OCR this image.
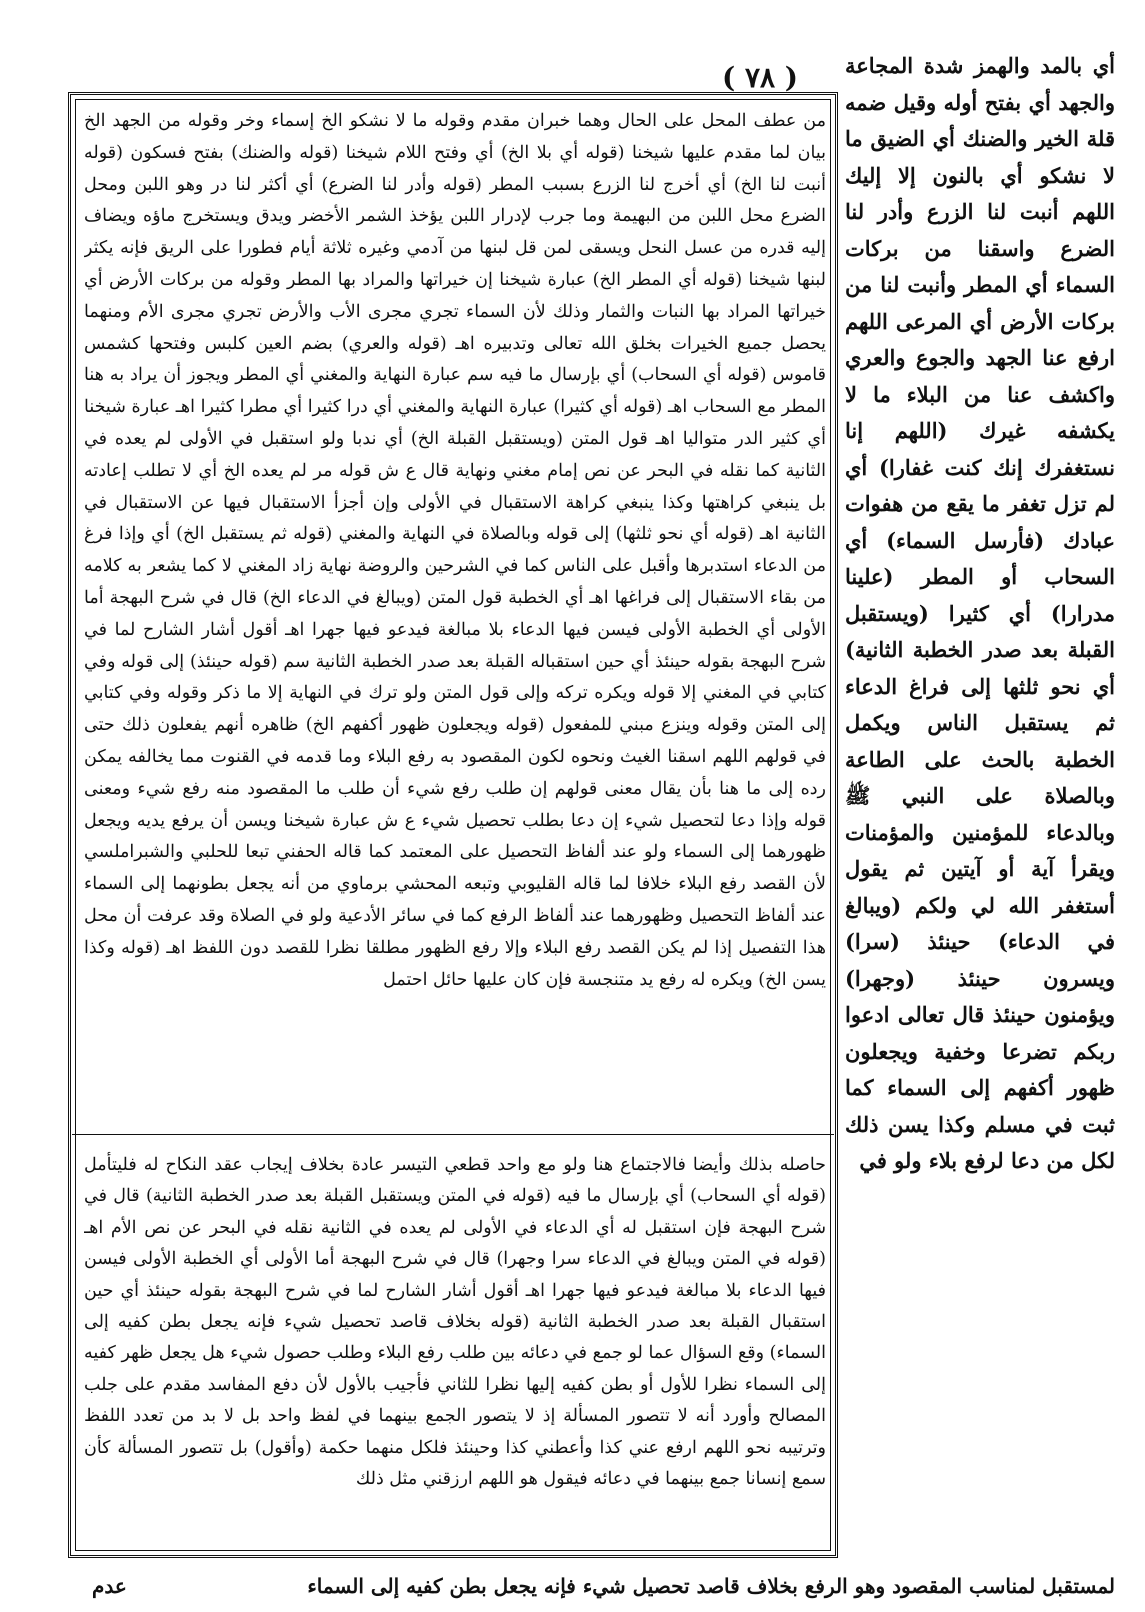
( ٧٨ )	أي بالمد والهمز شدة المجاعة والجهد أي بفتح أوله وقيل ضمه قلة الخير والضنك أي الضيق ما لا نشكو أي بالنون إلا إليك اللهم أنبت لنا الزرع وأدر لنا الضرع واسقنا من بركات السماء أي المطر وأنبت لنا من بركات الأرض أي المرعى اللهم ارفع عنا الجهد والجوع والعري واكشف عنا من البلاء ما لا يكشفه غيرك (اللهم إنا نستغفرك إنك كنت غفارا) أي لم تزل تغفر ما يقع من هفوات عبادك (فأرسل السماء) أي السحاب أو المطر (علينا مدرارا) أي كثيرا (ويستقبل القبلة بعد صدر الخطبة الثانية) أي نحو ثلثها إلى فراغ الدعاء ثم يستقبل الناس ويكمل الخطبة بالحث على الطاعة وبالصلاة على النبي ﷺ وبالدعاء للمؤمنين والمؤمنات ويقرأ آية أو آيتين ثم يقول أستغفر الله لي ولكم (ويبالغ في الدعاء) حينئذ (سرا) ويسرون حينئذ (وجهرا) ويؤمنون حينئذ قال تعالى ادعوا ربكم تضرعا وخفية ويجعلون ظهور أكفهم إلى السماء كما ثبت في مسلم وكذا يسن ذلك لكل من دعا لرفع بلاء ولو في

من عطف المحل على الحال وهما خبران مقدم وقوله ما لا نشكو الخ إسماء وخر وقوله من الجهد الخ بيان لما مقدم عليها شيخنا (قوله أي بلا الخ) أي وفتح اللام شيخنا (قوله والضنك) بفتح فسكون (قوله أنبت لنا الخ) أي أخرج لنا الزرع بسبب المطر (قوله وأدر لنا الضرع) أي أكثر لنا در وهو اللبن ومحل الضرع محل اللبن من البهيمة وما جرب لإدرار اللبن يؤخذ الشمر الأخضر ويدق ويستخرج ماؤه ويضاف إليه قدره من عسل النحل ويسقى لمن قل لبنها من آدمي وغيره ثلاثة أيام فطورا على الريق فإنه يكثر لبنها شيخنا (قوله أي المطر الخ) عبارة شيخنا إن خيراتها والمراد بها المطر وقوله من بركات الأرض أي خيراتها المراد بها النبات والثمار وذلك لأن السماء تجري مجرى الأب والأرض تجري مجرى الأم ومنهما يحصل جميع الخيرات بخلق الله تعالى وتدبيره اهـ (قوله والعري) بضم العين كلبس وفتحها كشمس قاموس (قوله أي السحاب) أي بإرسال ما فيه سم عبارة النهاية والمغني أي المطر ويجوز أن يراد به هنا المطر مع السحاب اهـ (قوله أي كثيرا) عبارة النهاية والمغني أي درا كثيرا أي مطرا كثيرا اهـ عبارة شيخنا أي كثير الدر متواليا اهـ قول المتن (ويستقبل القبلة الخ) أي ندبا ولو استقبل في الأولى لم يعده في الثانية كما نقله في البحر عن نص إمام مغني ونهاية قال ع ش قوله مر لم يعده الخ أي لا تطلب إعادته بل ينبغي كراهتها وكذا ينبغي كراهة الاستقبال في الأولى وإن أجزأ الاستقبال فيها عن الاستقبال في الثانية اهـ (قوله أي نحو ثلثها) إلى قوله وبالصلاة في النهاية والمغني (قوله ثم يستقبل الخ) أي وإذا فرغ من الدعاء استدبرها وأقبل على الناس كما في الشرحين والروضة نهاية زاد المغني لا كما يشعر به كلامه من بقاء الاستقبال إلى فراغها اهـ أي الخطبة قول المتن (ويبالغ في الدعاء الخ) قال في شرح البهجة أما الأولى أي الخطبة الأولى فيسن فيها الدعاء بلا مبالغة فيدعو فيها جهرا اهـ أقول أشار الشارح لما في شرح البهجة بقوله حينئذ أي حين استقباله القبلة بعد صدر الخطبة الثانية سم (قوله حينئذ) إلى قوله وفي كتابي في المغني إلا قوله ويكره تركه وإلى قول المتن ولو ترك في النهاية إلا ما ذكر وقوله وفي كتابي إلى المتن وقوله وينزع مبني للمفعول (قوله ويجعلون ظهور أكفهم الخ) ظاهره أنهم يفعلون ذلك حتى في قولهم اللهم اسقنا الغيث ونحوه لكون المقصود به رفع البلاء وما قدمه في القنوت مما يخالفه يمكن رده إلى ما هنا بأن يقال معنى قولهم إن طلب رفع شيء أن طلب ما المقصود منه رفع شيء ومعنى قوله وإذا دعا لتحصيل شيء إن دعا بطلب تحصيل شيء ع ش عبارة شيخنا ويسن أن يرفع يديه ويجعل ظهورهما إلى السماء ولو عند ألفاظ التحصيل على المعتمد كما قاله الحفني تبعا للحلبي والشبراملسي لأن القصد رفع البلاء خلافا لما قاله القليوبي وتبعه المحشي برماوي من أنه يجعل بطونهما إلى السماء عند ألفاظ التحصيل وظهورهما عند ألفاظ الرفع كما في سائر الأدعية ولو في الصلاة وقد عرفت أن محل هذا التفصيل إذا لم يكن القصد رفع البلاء وإلا رفع الظهور مطلقا نظرا للقصد دون اللفظ اهـ (قوله وكذا يسن الخ) ويكره له رفع يد متنجسة فإن كان عليها حائل احتمل

حاصله بذلك وأيضا فالاجتماع هنا ولو مع واحد قطعي التيسر عادة بخلاف إيجاب عقد النكاح له فليتأمل (قوله أي السحاب) أي بإرسال ما فيه (قوله في المتن ويستقبل القبلة بعد صدر الخطبة الثانية) قال في شرح البهجة فإن استقبل له أي الدعاء في الأولى لم يعده في الثانية نقله في البحر عن نص الأم اهـ (قوله في المتن ويبالغ في الدعاء سرا وجهرا) قال في شرح البهجة أما الأولى أي الخطبة الأولى فيسن فيها الدعاء بلا مبالغة فيدعو فيها جهرا اهـ أقول أشار الشارح لما في شرح البهجة بقوله حينئذ أي حين استقبال القبلة بعد صدر الخطبة الثانية (قوله بخلاف قاصد تحصيل شيء فإنه يجعل بطن كفيه إلى السماء) وقع السؤال عما لو جمع في دعائه بين طلب رفع البلاء وطلب حصول شيء هل يجعل ظهر كفيه إلى السماء نظرا للأول أو بطن كفيه إليها نظرا للثاني فأجيب بالأول لأن دفع المفاسد مقدم على جلب المصالح وأورد أنه لا تتصور المسألة إذ لا يتصور الجمع بينهما في لفظ واحد بل لا بد من تعدد اللفظ وترتيبه نحو اللهم ارفع عني كذا وأعطني كذا وحينئذ فلكل منهما حكمة (وأقول) بل تتصور المسألة كأن سمع إنسانا جمع بينهما في دعائه فيقول هو اللهم ارزقني مثل ذلك

لمستقبل لمناسب المقصود وهو الرفع بخلاف قاصد تحصيل شيء فإنه يجعل بطن كفيه إلى السماء
عدم
